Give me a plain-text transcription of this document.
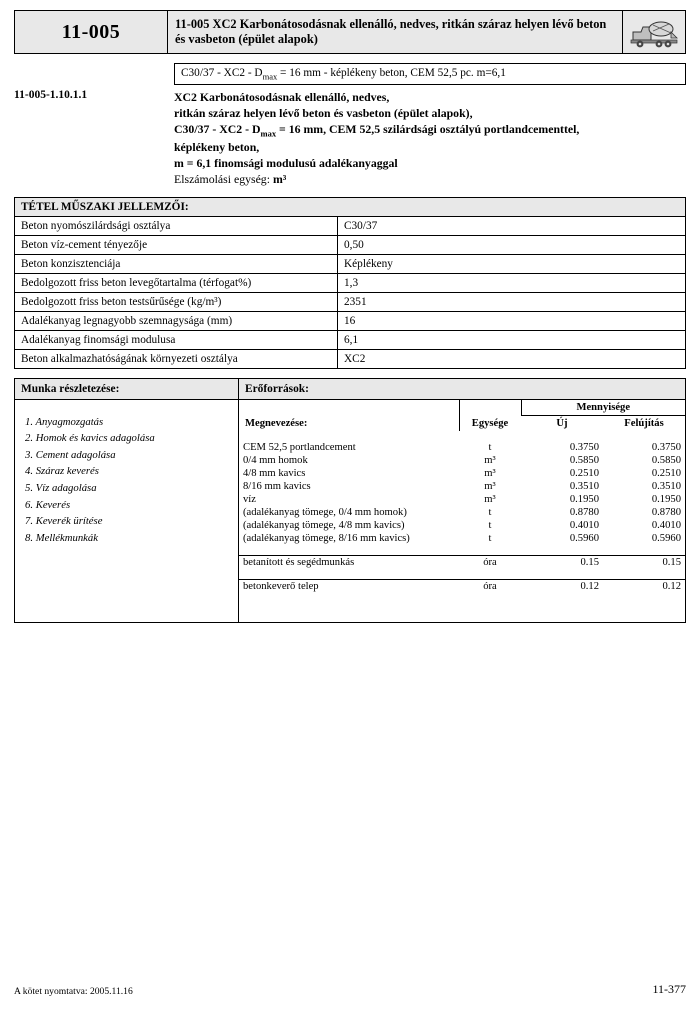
11-005	11-005 XC2 Karbonátosodásnak ellenálló, nedves, ritkán száraz helyen lévő beton és vasbeton (épület alapok)
11-005-1.10.1.1
$C30/37 - XC2 - D_{max} = 16$ mm - képlékeny beton, CEM 52,5 pc. m=6,1
XC2 Karbonátosodásnak ellenálló, nedves,
ritkán száraz helyen lévő beton és vasbeton (épület alapok),
$C30/37 - XC2 - D_{max} = 16$ mm, CEM 52,5 szilárdsági osztályú portlandcementtel,
képlékeny beton,
m = 6,1 finomsági modulusú adalékanyaggal
Elszámolási egység: m³
TÉTEL MŰSZAKI JELLEMZŐI:	
Beton nyomószilárdsági osztálya	C30/37
Beton víz-cement tényezője	0,50
Beton konzisztenciája	Képlékeny
Bedolgozott friss beton levegőtartalma (térfogat%)	1,3
Bedolgozott friss beton testsűrűsége (kg/m³)	2351
Adalékanyag legnagyobb szemnagysága (mm)	16
Adalékanyag finomsági modulusa	6,1
Beton alkalmazhatóságának környezeti osztálya	XC2
Munka részletezése:
1. Anyagmozgatás
2. Homok és kavics adagolása
3. Cement adagolása
4. Száraz keverés
5. Víz adagolása
6. Keverés
7. Keverék ürítése
8. Mellékmunkák
Erőforrások:
Megnevezése:	Egysége	Mennyisége	
		Új	Felújítás

CEM 52,5 portlandcement	t	0.3750	0.3750
0/4 mm homok	m³	0.5850	0.5850
4/8 mm kavics	m³	0.2510	0.2510
8/16 mm kavics	m³	0.3510	0.3510
víz	m³	0.1950	0.1950
(adalékanyag tömege, 0/4 mm homok)	t	0.8780	0.8780
(adalékanyag tömege, 4/8 mm kavics)	t	0.4010	0.4010
(adalékanyag tömege, 8/16 mm kavics)	t	0.5960	0.5960

betanított és segédmunkás	óra	0.15	0.15

betonkeverő telep	óra	0.12	0.12

A kötet nyomtatva: 2005.11.16	11-377
